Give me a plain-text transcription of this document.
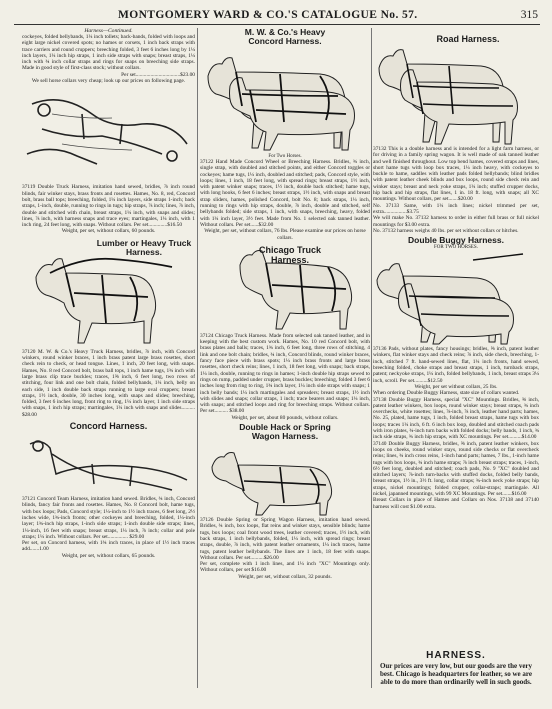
MONTGOMERY WARD & CO.'S CATALOGUE No. 57.	315

Harness—Continued.

cockeyes, folded bellybands, 1¼ inch tollets; back-bands, folded with loops and eight large nickel covered spots; no hames or corsets, 1 inch back straps with trace carriers and round cruppers; breeching folded, 3 feet 6 inches long by 1¼ inch layers, 1¼ inch hip straps, 1 inch side straps with snaps; breast straps, 1¼ inch with ¾ inch collar straps and rings for snaps on breeching side straps. Made in good style of first-class stock; without collars.

Per set.................................$23.00

We sell horse collars very cheap; look up our prices on following page.

37119 Double Truck Harness, imitation hand sewed, bridles, ⅞ inch round blinds, fair winker stays, brass fronts and rosettes. Hames, No. 8, red, Concord bolt, brass ball tops; breeching, folded, 1¼ inch layers, side straps 1-inch; back straps, 1-inch, double, running to rings in tugs; hip straps, ⅞ inch; lines, ⅞ inch, double and stitched with chain, breast straps, 1¼ inch, with snaps and slides; lines, ⅞ inch, with harness snaps and trace eyes; martingales, 1¼ inch, with 1 inch ring, 24 feet long, with snaps. Without collars. Per set..............$16.50

Weight, per set, without collars, 60 pounds.

Lumber or Heavy Truck Harness.

37120 M. W. & Co.'s Heavy Truck Harness, bridles, ⅞ inch, with Concord winkers, round winker braces, 1 inch brass patent large brass rosettes, short check rein to check, or head tongue. Lines, 1 inch, 20 feet long, with snaps. Hames, No. 8 red Concord bolt, brass ball tops, 1 inch hame tugs, 1¾ inch with large brass clip trace buckles; traces, 1⅝ inch, 6 feet long, two rows of stitching, four link and one bolt chain, folded bellybands, 1¼ inch, belly on each side, 1 inch double back straps running to large oval cruppers; breast straps, 1½ inch, double, 30 inches long, with snaps and slides; breeching, folded, 3 feet 6 inches long, front ring to ring, 1¼ inch layer, 1 inch side straps with snaps, 1 inch hip straps; martingales, 1¼ inch with snaps and slides.......... $28.00

Concord Harness.

37121 Concord Team Harness, imitation hand sewed. Bridles, ¾ inch, Concord blinds, fancy fair fronts and rosettes. Hames, No. 8 Concord bolt, hame tugs, with box loops; Pads, Concord style; 1¼-inch to 1½ inch traces, 6 feet long, 2½ inches wide, 1¾-inch fronts; other cockeyes and breeching, folded, 1¼-inch layer; 1¾-inch hip straps, 1-inch side straps; 1-inch double side straps; lines, 1¼-inch, 16 feet with snaps; breast straps, 1¼ inch, ⅞ inch; collar and pole straps; 1¼ inch. Without collars. Per set............... $29.00

Per set, on Concord harness, with 1¾ inch traces, in place of 1½ inch traces add.......1.00

Weight, per set, without collars, 65 pounds.

M. W. & Co.'s Heavy

Concord Harness.

For Two Horses.

37122 Hand Made Concord Wheel or Breeching Harness. Bridles, ¾ inch, single strap, with doubled and stitched points, and either Concord toggles or cockeyes; hame tugs, 1¼ inch, doubled and stitched; pads, Concord style, with loops; lines, 1 inch, 18 feet long, with spread rings; breast straps, 1½ inch, with patent winker snaps; traces, 1½ inch, double back stitched; hame tugs, with long hooks, 6 feet 6 inches; breast straps, 1½ inch, with snaps and breast strap sliders, hames, polished Concord, bolt No. 8; back straps, 1¼ inch, running to rings with hip straps, double, ⅞ inch, double and stitched, self bellybands folded; side straps, 1 inch, with snaps, breeching, heavy, folded with 1¼ inch layer, 3½ feet. Made from No. 1 selected oak tanned leather. Without collars. Per set......$32.00

Weight, per set, without collars, 76 lbs. Please examine our prices on horse collars.

Chicago Truck Harness.

37124 Chicago Truck Harness. Made from selected oak tanned leather, and in keeping with the best custom work. Hames, No. 10 red Concord bolt, with brass plates and balls; traces, 1¾ inch, 6 feet long, three rows of stitching, 4 link and one bolt chain; bridles, ¾ inch, Concord blinds, round winker braces, fancy face piece with brass spots; 1¼ inch brass fronts and large brass rosettes, short check reins; lines, 1 inch, 18 feet long, with snaps; back straps, 1¼ inch, double, running to rings in hames; 1-inch double hip straps sewed to rings on rump, padded under crupper, brass buckles; breeching, folded 3 feet 6 inches long from ring to ring, 1¾ inch layer, 1¼ inch side straps with snaps; 1 inch belly bands; 1¼ inch martingales and spreaders; breast straps, 1½ inch with slides and snaps; collar straps, 1 inch; trace bearers and snaps; 1¼ inch, with snaps; and stitched loops and ring for breeching straps. Without collars. Per set.......... $38.00

Weight, per set, about 80 pounds, without collars.

Double Hack or Spring

Wagon Harness.

37126 Double Spring or Spring Wagon Harness, imitation hand sewed. Bridles, ¾ inch, box loops, flat reins and winker stays, sensible blinds; hame tugs, box loops; coal front wood trees, leather covered; traces, 1½ inch, with back straps, 1 inch bellybands, folded, 1¼ inch, with spread rings; breast straps, double, ⅞ inch, with patent leather ornaments, 1¼ inch traces, hame tugs, patent leather bellybands. The lines are 1 inch, 18 feet with snaps. Without collars. Per set..........$26.00

Per set, complete with 1 inch lines, and 1¼ inch "XC" Mountings only. Without collars, per set $16.00

Weight, per set, without collars, 32 pounds.

Road Harness.

37132 This is a double harness and is intended for a light farm harness, or for driving in a family spring wagon. It is well made of oak tanned leather and well finished throughout. Low top bend hames, covered straps and lines, short hame tugs with loop box traces, 1¼ inch heavy, with cockeyes to buckle to hame, saddles with leather pads folded bellybands; blind bridles with patent leather cheek blinds and box loops, round side check rein and winker stays; breast and neck yoke straps, 1¼ inch; stuffed crupper docks, hip back and hip straps, flat lines, 1 in. 18 ft. long, with snaps; all XC mountings. Without collars, per set.......$20.00

No. 37133 Same, with 1¼ inch lines; nickel trimmed per set, extra.................$3.75

We will make No. 37132 harness to order in either full brass or full nickel mountings for $3.00 extra.

No. 37132 harness weighs 40 lbs. per set without collars or hitches.

Double Buggy Harness.

FOR TWO HORSES.

37136 Pads, without plates, fancy housings; bridles, ⅝ inch, patent leather winkers, flat winker stays and check reins; ⅞ inch, side check, breeching, 1-inch, stitched 7 ft. hand-sewed lines, flat, 1¼ inch fronts, hand sewed, breeching folded, choke straps and breast straps, 1 inch, turnback straps, patent; neckyoke straps, 1¼ inch, folded bellybands, 1 inch, breast straps 3¼ inch, scroll. Per set..........$12.50

Weight, per set without collars, 25 lbs.

When ordering Double Buggy Harness, state size of collars wanted.

37138 Double Buggy Harness, special "XC" Mountings. Bridles, ⅝ inch, patent leather winkers, box loops, round winker stays; breast straps, ¾ inch overchecks, white rosettes; lines, ⅞-inch, ⅞ inch, leather hand parts; hames, No. 25, plated, hame tugs, 1 inch, folded breast straps, hame tugs with box loops; traces 1¼ inch, 6 ft. 6 inch box loop, doubled and stitched coach pads with iron plates, ¾-inch turn backs with folded docks; belly bands, 1 inch, ¾ inch side straps, ¾ inch hip straps, with XC mountings. Per set..........$14.00

37140 Double Buggy Harness, bridles, ⅝ inch, patent leather winkers, box loops on cheeks, round winker stays, round side checks or flat overcheck reins; lines, ¾ inch cross reins, 1-inch hand parts; hames, 7 lbs., 1-inch hame tugs with box loops, ¾ inch hame straps; ⅞ inch breast straps; traces, 1-inch, 6½ feet long, doubled and stitched; coach pads, No. 9 "XC" doubled and stitched layers; ⅞-inch turn-backs with stuffed docks, folded belly bands, breast straps, 1½ in., 3½ ft. long, collar straps; ¾-inch neck yoke straps; hip straps, nickel mountings; folded crupper, collar-straps; martingale. All nickel, japanned mountings, with 99 XC Mountings. Per set.......$16.00

Breast Collars in place of Hames and Collars on Nos. 37138 and 37140 harness will cost $1.00 extra.

HARNESS.

Our prices are very low, but our goods are the very best. Chicago is headquarters for leather, so we are able to do more than ordinarily well in such goods.
